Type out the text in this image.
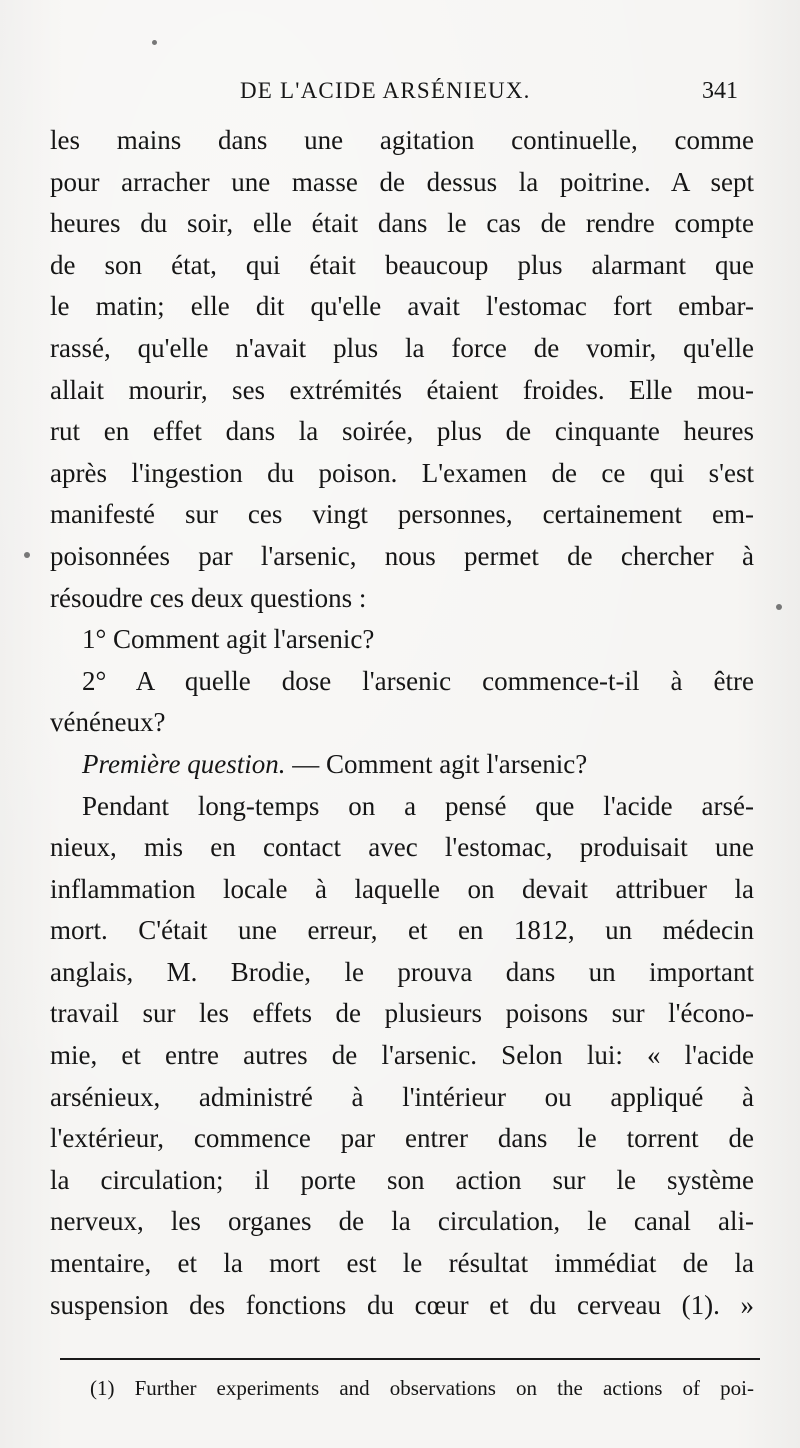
DE L'ACIDE ARSÉNIEUX.	341
les mains dans une agitation continuelle, comme
pour arracher une masse de dessus la poitrine. A sept
heures du soir, elle était dans le cas de rendre compte
de son état, qui était beaucoup plus alarmant que
le matin; elle dit qu'elle avait l'estomac fort embar-
rassé, qu'elle n'avait plus la force de vomir, qu'elle
allait mourir, ses extrémités étaient froides. Elle mou-
rut en effet dans la soirée, plus de cinquante heures
après l'ingestion du poison. L'examen de ce qui s'est
manifesté sur ces vingt personnes, certainement em-
poisonnées par l'arsenic, nous permet de chercher à
résoudre ces deux questions :
1° Comment agit l'arsenic?
2° A quelle dose l'arsenic commence-t-il à être
vénéneux?
Première question. — Comment agit l'arsenic?
Pendant long-temps on a pensé que l'acide arsé-
nieux, mis en contact avec l'estomac, produisait une
inflammation locale à laquelle on devait attribuer la
mort. C'était une erreur, et en 1812, un médecin
anglais, M. Brodie, le prouva dans un important
travail sur les effets de plusieurs poisons sur l'écono-
mie, et entre autres de l'arsenic. Selon lui: « l'acide
arsénieux, administré à l'intérieur ou appliqué à
l'extérieur, commence par entrer dans le torrent de
la circulation; il porte son action sur le système
nerveux, les organes de la circulation, le canal ali-
mentaire, et la mort est le résultat immédiat de la
suspension des fonctions du cœur et du cerveau (1). »
(1) Further experiments and observations on the actions of poi-
